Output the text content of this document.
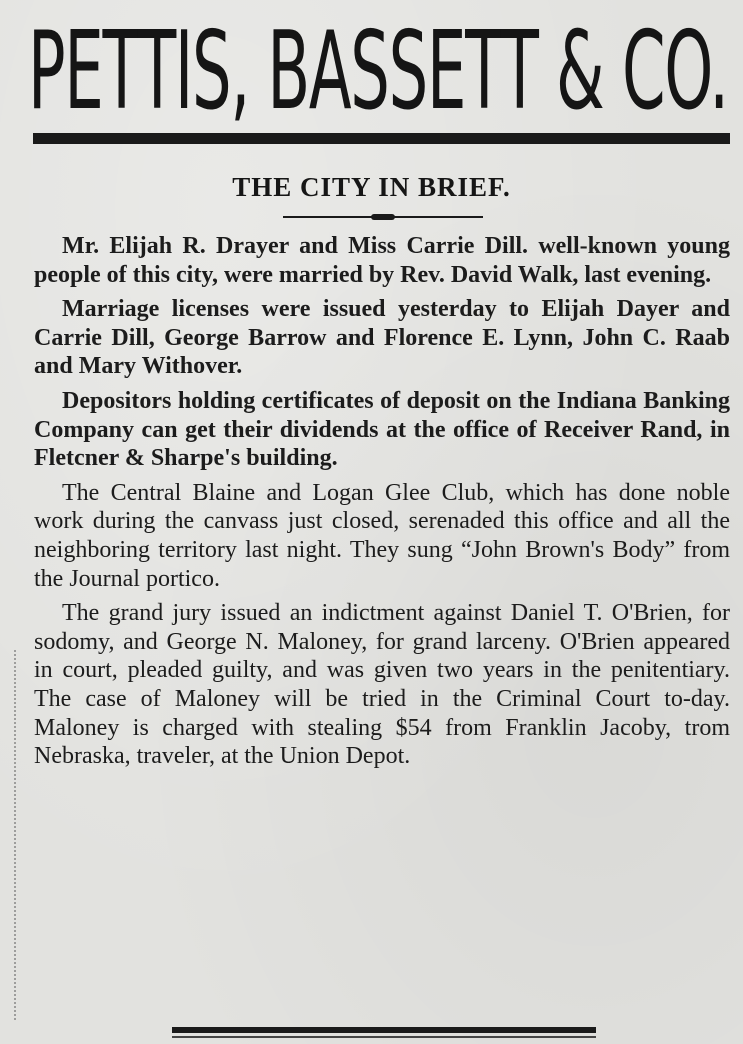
PETTIS, BASSETT & CO.
THE CITY IN BRIEF.

Mr. Elijah R. Drayer and Miss Carrie Dill. well-known young people of this city, were married by Rev. David Walk, last evening.

Marriage licenses were issued yesterday to Elijah Dayer and Carrie Dill, George Barrow and Florence E. Lynn, John C. Raab and Mary Withover.

Depositors holding certificates of deposit on the Indiana Banking Company can get their dividends at the office of Receiver Rand, in Fletcner & Sharpe's building.

The Central Blaine and Logan Glee Club, which has done noble work during the canvass just closed, serenaded this office and all the neighboring territory last night. They sung “John Brown's Body” from the Journal portico.

The grand jury issued an indictment against Daniel T. O'Brien, for sodomy, and George N. Maloney, for grand larceny. O'Brien appeared in court, pleaded guilty, and was given two years in the penitentiary. The case of Maloney will be tried in the Criminal Court to-day. Maloney is charged with stealing $54 from Franklin Jacoby, trom Nebraska, traveler, at the Union Depot.
